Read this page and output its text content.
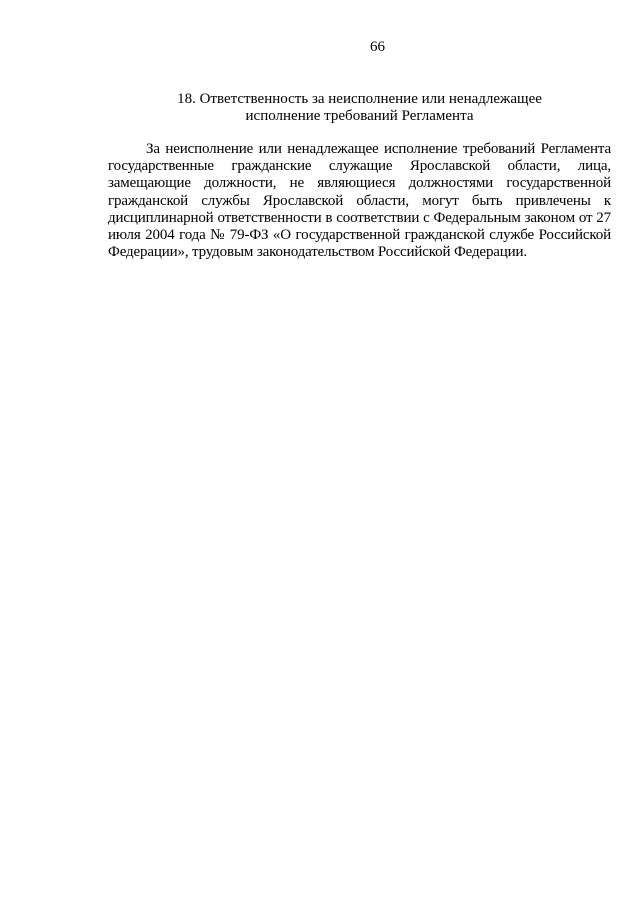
66
18. Ответственность за неисполнение или ненадлежащее
исполнение требований Регламента

За неисполнение или ненадлежащее исполнение требований Регламента государственные гражданские служащие Ярославской области, лица, замещающие должности, не являющиеся должностями государственной гражданской службы Ярославской области, могут быть привлечены к дисциплинарной ответственности в соответствии с Федеральным законом от 27 июля 2004 года № 79-ФЗ «О государственной гражданской службе Российской Федерации», трудовым законодательством Российской Федерации.
